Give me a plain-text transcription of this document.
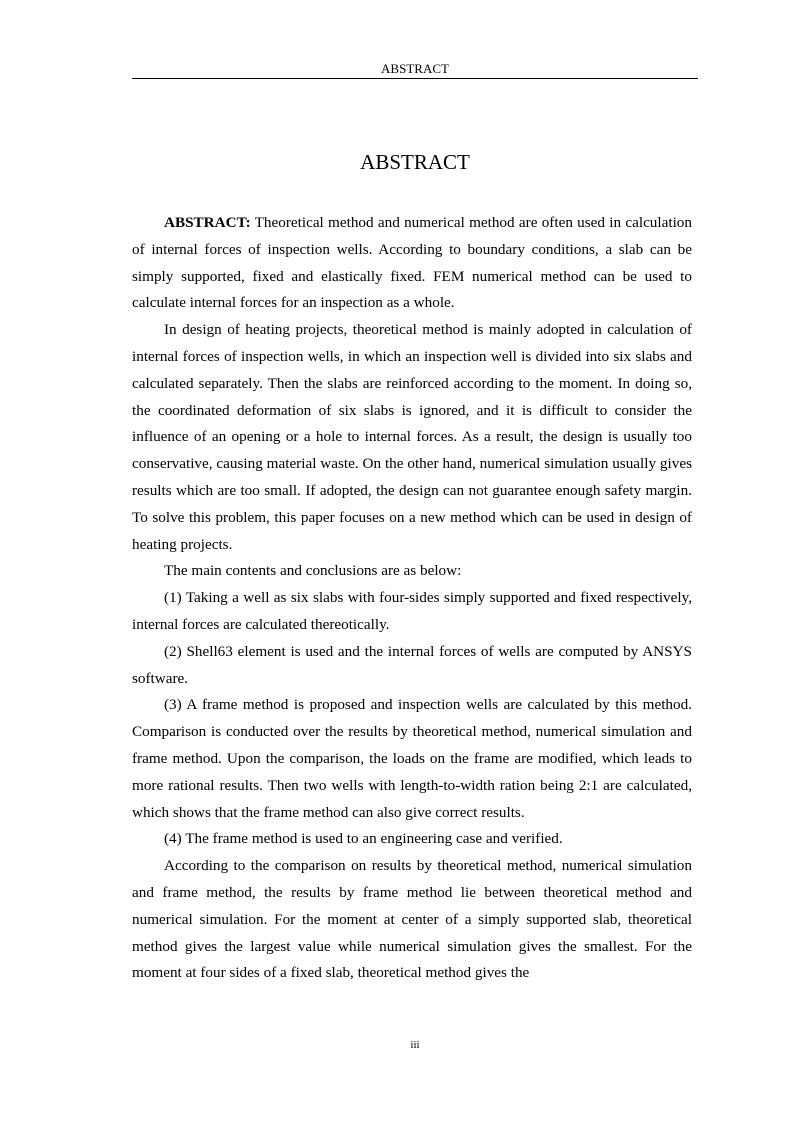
ABSTRACT
ABSTRACT

ABSTRACT: Theoretical method and numerical method are often used in calculation of internal forces of inspection wells. According to boundary conditions, a slab can be simply supported, fixed and elastically fixed. FEM numerical method can be used to calculate internal forces for an inspection as a whole.

In design of heating projects, theoretical method is mainly adopted in calculation of internal forces of inspection wells, in which an inspection well is divided into six slabs and calculated separately. Then the slabs are reinforced according to the moment. In doing so, the coordinated deformation of six slabs is ignored, and it is difficult to consider the influence of an opening or a hole to internal forces. As a result, the design is usually too conservative, causing material waste. On the other hand, numerical simulation usually gives results which are too small. If adopted, the design can not guarantee enough safety margin. To solve this problem, this paper focuses on a new method which can be used in design of heating projects.

The main contents and conclusions are as below:

(1) Taking a well as six slabs with four-sides simply supported and fixed respectively, internal forces are calculated thereotically.

(2) Shell63 element is used and the internal forces of wells are computed by ANSYS software.

(3) A frame method is proposed and inspection wells are calculated by this method. Comparison is conducted over the results by theoretical method, numerical simulation and frame method. Upon the comparison, the loads on the frame are modified, which leads to more rational results. Then two wells with length-to-width ration being 2:1 are calculated, which shows that the frame method can also give correct results.

(4) The frame method is used to an engineering case and verified.

According to the comparison on results by theoretical method, numerical simulation and frame method, the results by frame method lie between theoretical method and numerical simulation. For the moment at center of a simply supported slab, theoretical method gives the largest value while numerical simulation gives the smallest. For the moment at four sides of a fixed slab, theoretical method gives the

iii
